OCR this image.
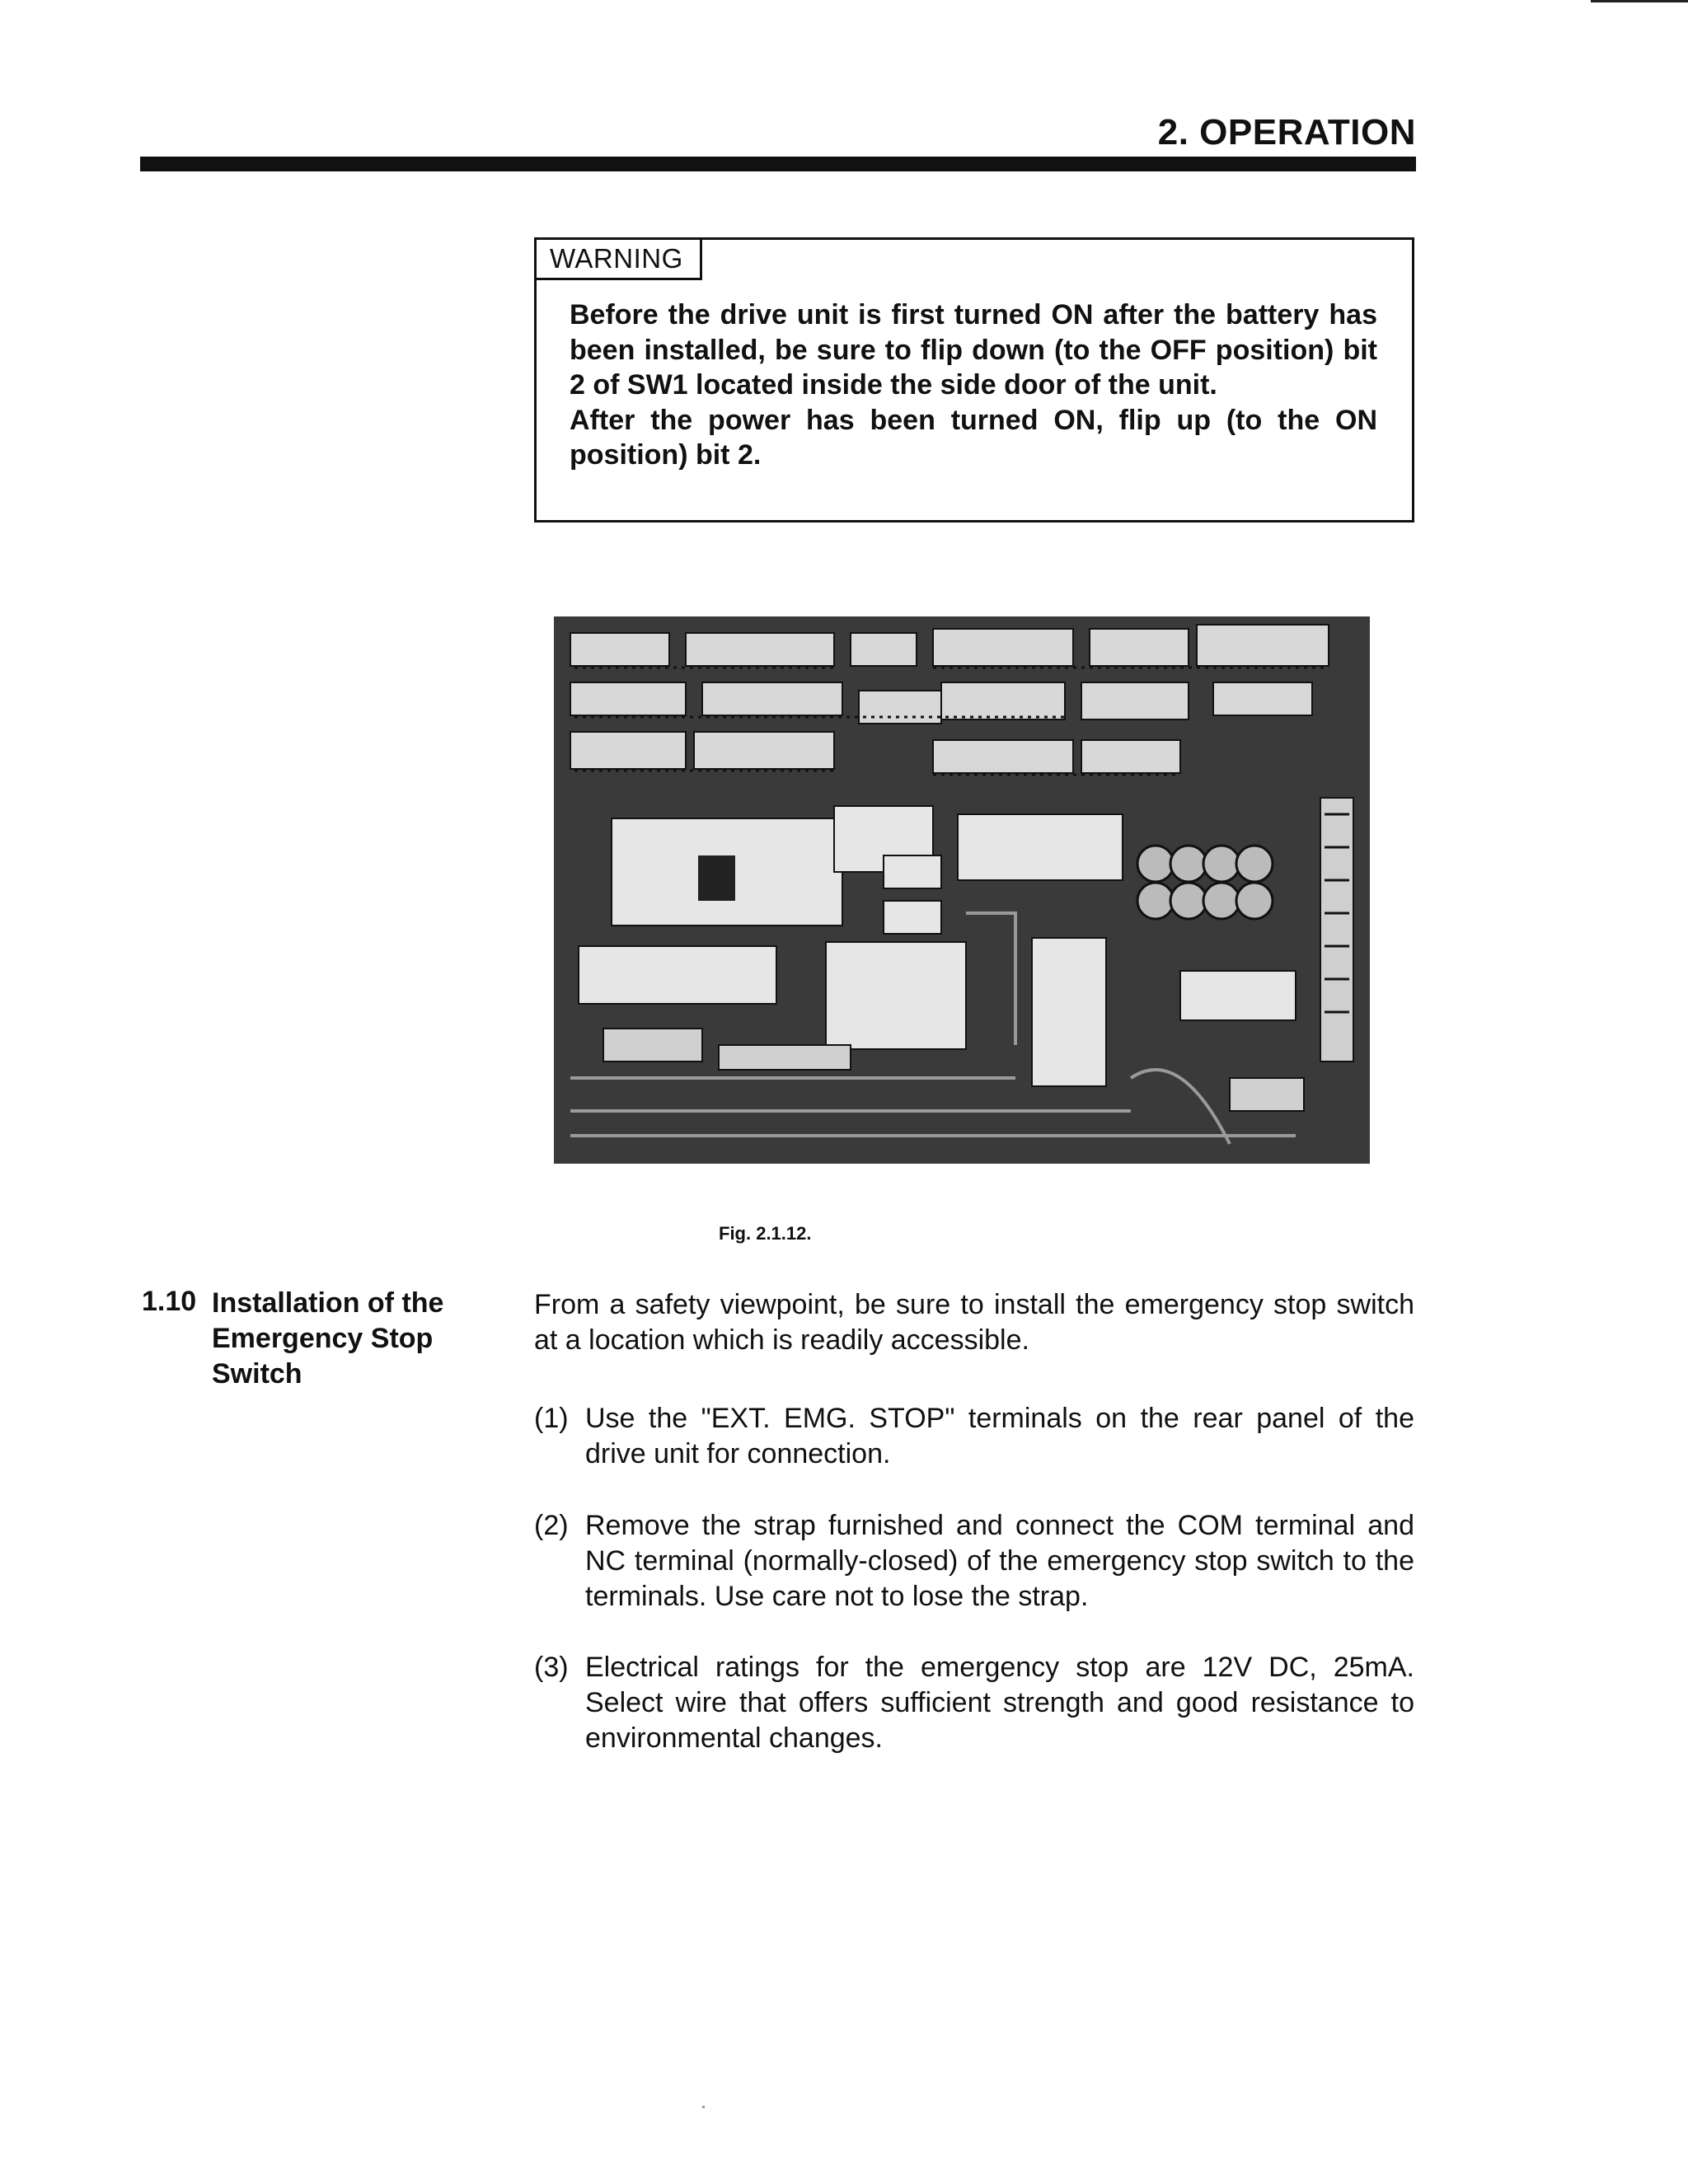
2. OPERATION
WARNING

Before the drive unit is first turned ON after the battery has been installed, be sure to flip down (to the OFF position) bit 2 of SW1 located inside the side door of the unit.

After the power has been turned ON, flip up (to the ON position) bit 2.

Fig. 2.1.12.
1.10 Installation of the Emergency Stop Switch

From a safety viewpoint, be sure to install the emergency stop switch at a location which is readily accessible.

(1) Use the "EXT. EMG. STOP" terminals on the rear panel of the drive unit for connection.

(2) Remove the strap furnished and connect the COM terminal and NC terminal (normally-closed) of the emergency stop switch to the terminals. Use care not to lose the strap.

(3) Electrical ratings for the emergency stop are 12V DC, 25mA. Select wire that offers sufficient strength and good resistance to environmental changes.
